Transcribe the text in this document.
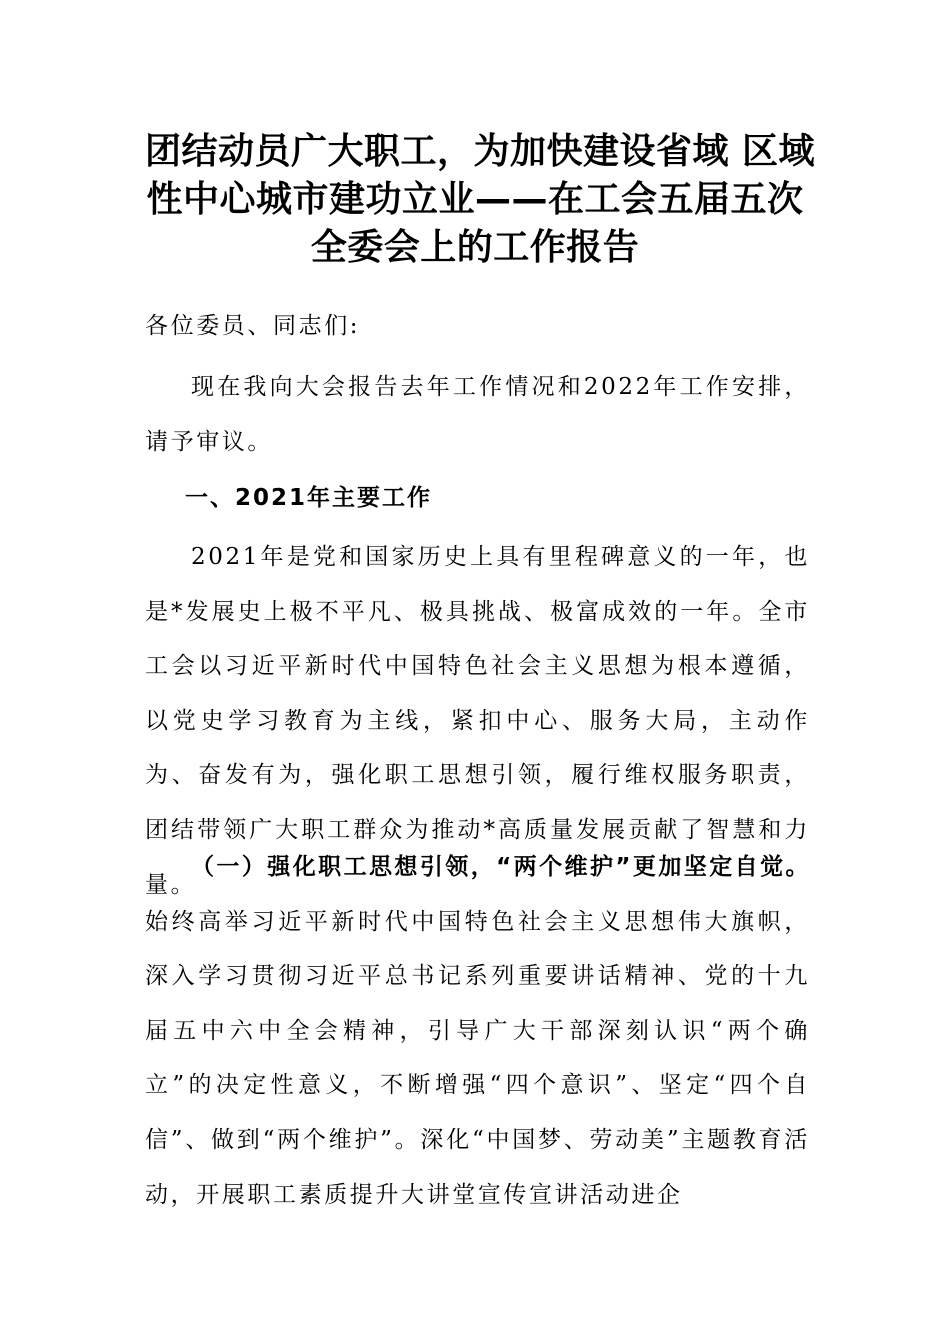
团结动员广大职工，为加快建设省域 区域
性中心城市建功立业——在工会五届五次
全委会上的工作报告
各位委员、同志们:

现在我向大会报告去年工作情况和2022年工作安排，请予审议。

一、2021年主要工作

2021年是党和国家历史上具有里程碑意义的一年，也是*发展史上极不平凡、极具挑战、极富成效的一年。全市工会以习近平新时代中国特色社会主义思想为根本遵循，以党史学习教育为主线，紧扣中心、服务大局，主动作为、奋发有为，强化职工思想引领，履行维权服务职责，团结带领广大职工群众为推动*高质量发展贡献了智慧和力量。

（一）强化职工思想引领，“两个维护”更加坚定自觉。始终高举习近平新时代中国特色社会主义思想伟大旗帜，深入学习贯彻习近平总书记系列重要讲话精神、党的十九届五中六中全会精神，引导广大干部深刻认识“两个确立”的决定性意义，不断增强“四个意识”、坚定“四个自信”、做到“两个维护”。深化“中国梦、劳动美”主题教育活动，开展职工素质提升大讲堂宣传宣讲活动进企
